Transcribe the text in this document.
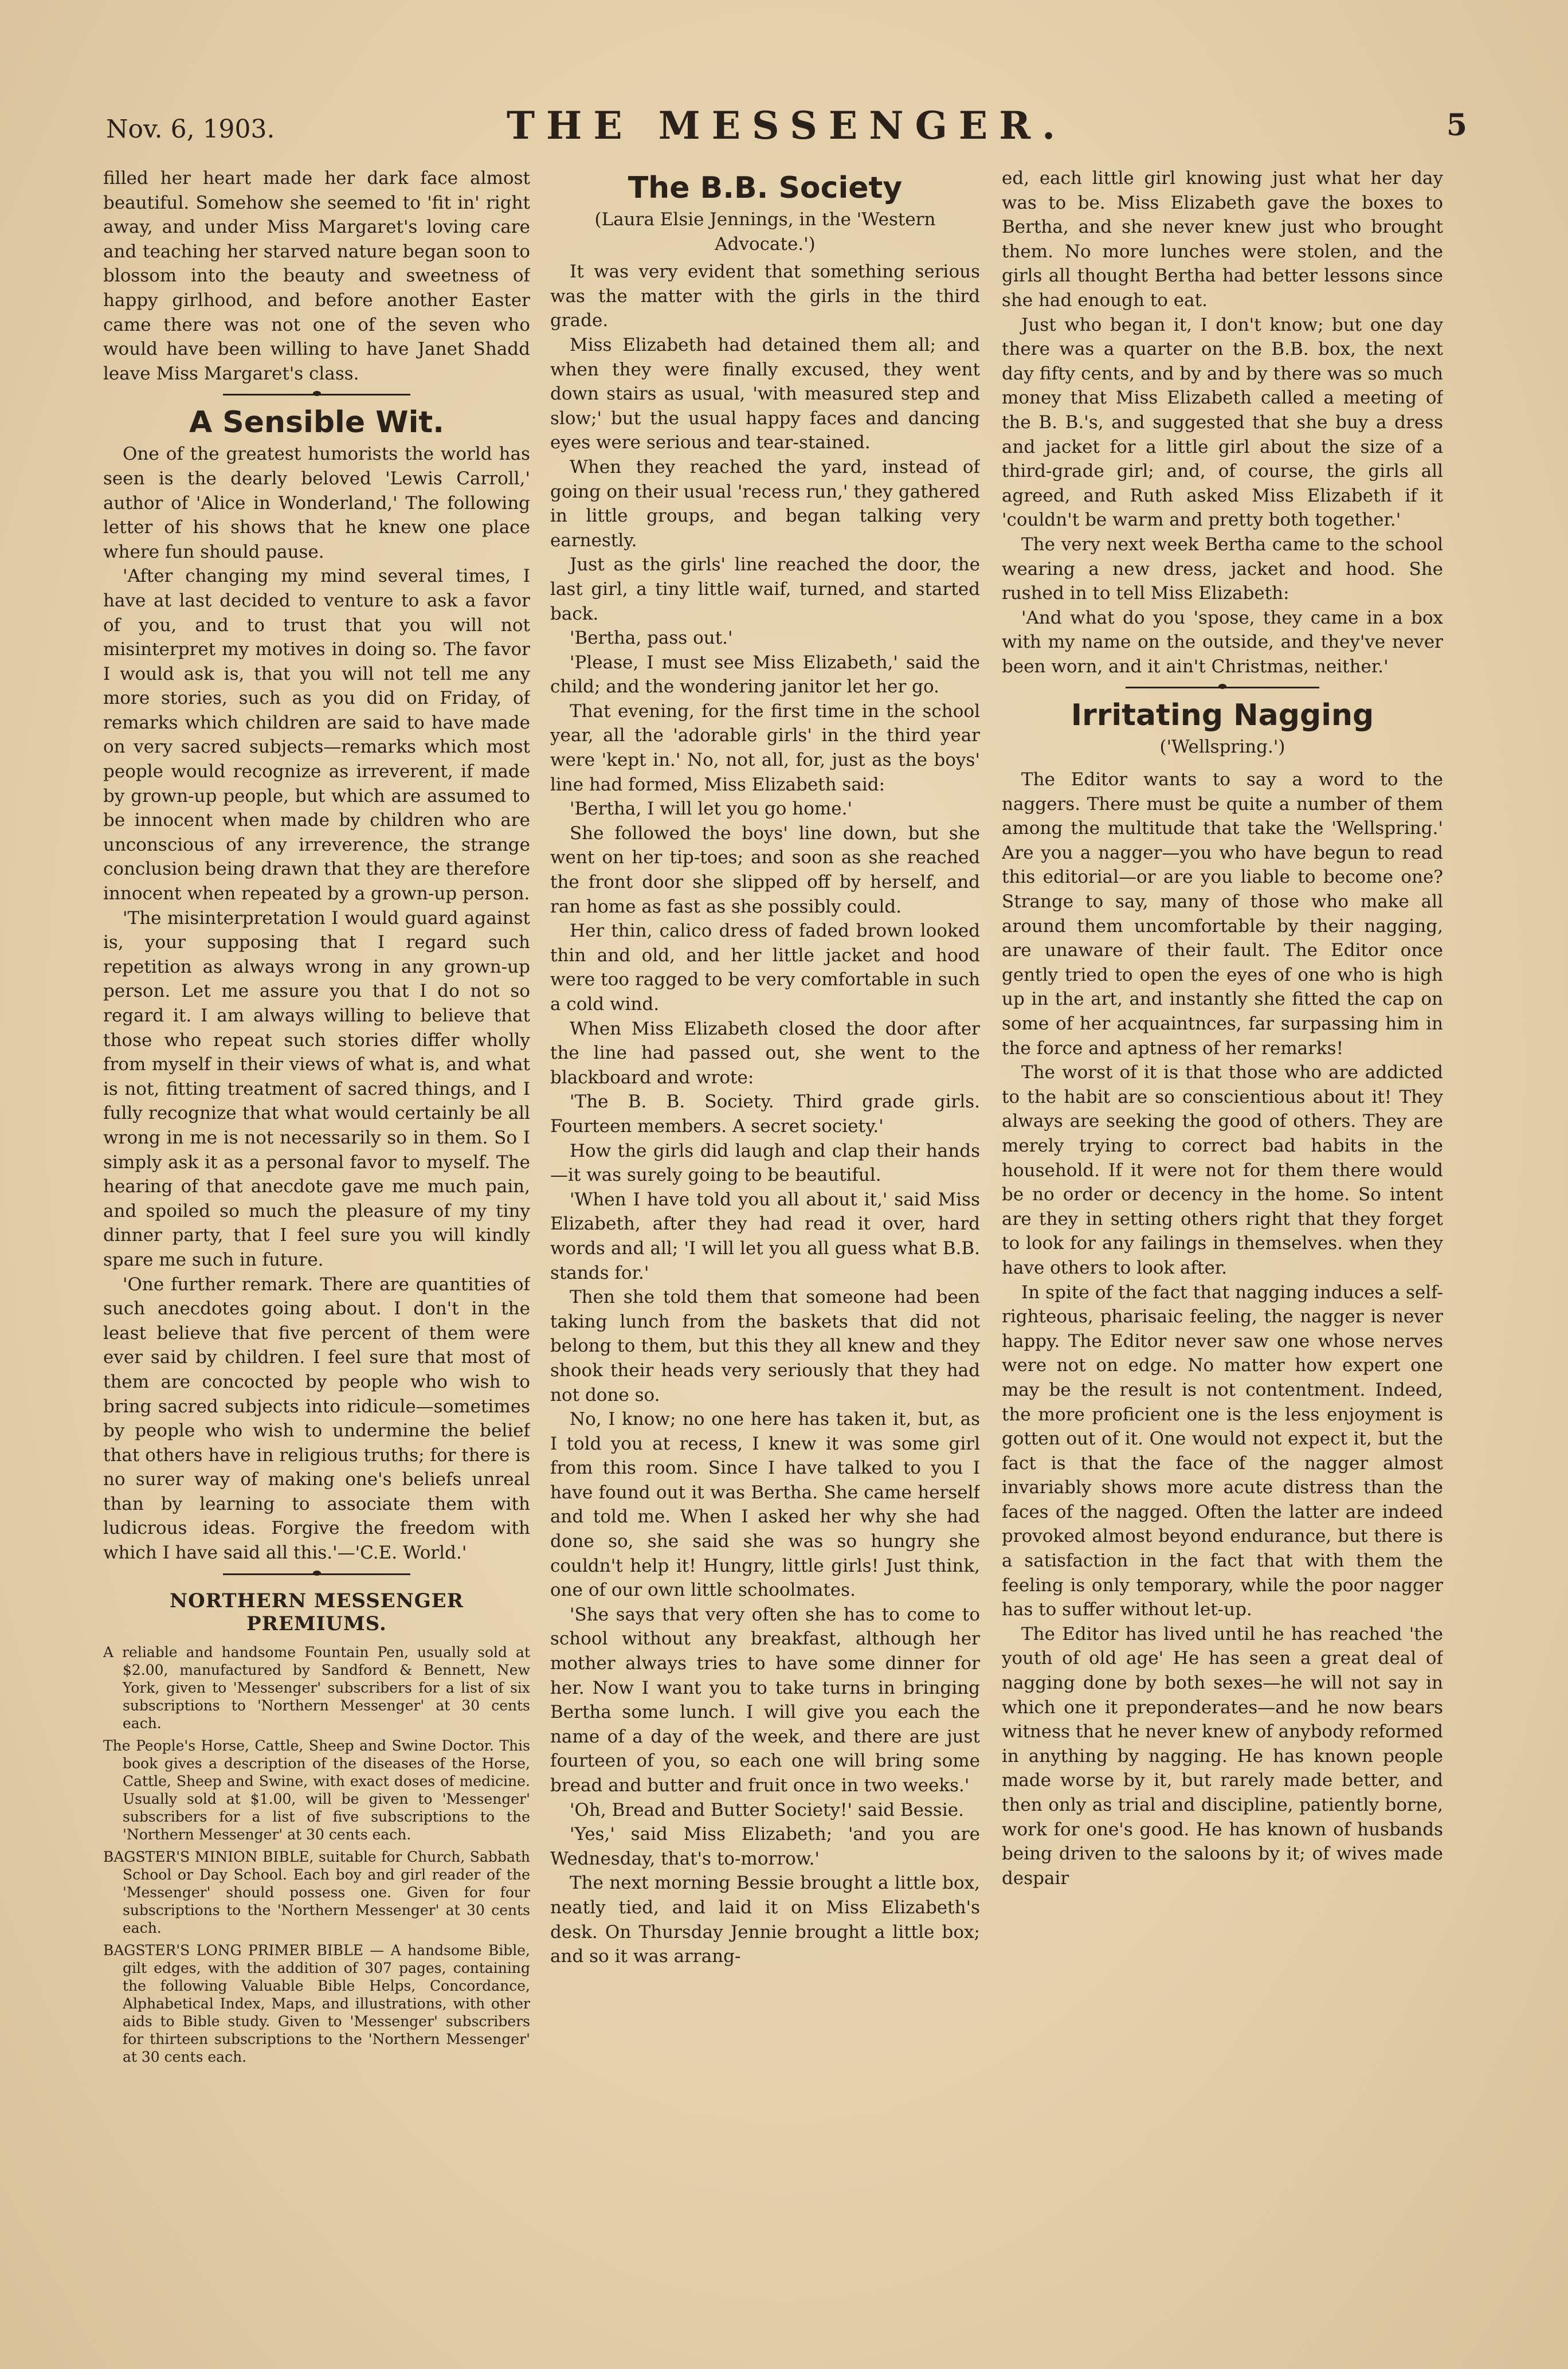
Nov. 6, 1903.	THE MESSENGER.	5

filled her heart made her dark face almost beautiful. Somehow she seemed to 'fit in' right away, and under Miss Margaret's loving care and teaching her starved nature began soon to blossom into the beauty and sweetness of happy girlhood, and before another Easter came there was not one of the seven who would have been willing to have Janet Shadd leave Miss Margaret's class.

A Sensible Wit.

One of the greatest humorists the world has seen is the dearly beloved 'Lewis Carroll,' author of 'Alice in Wonderland,' The following letter of his shows that he knew one place where fun should pause.

'After changing my mind several times, I have at last decided to venture to ask a favor of you, and to trust that you will not misinterpret my motives in doing so. The favor I would ask is, that you will not tell me any more stories, such as you did on Friday, of remarks which children are said to have made on very sacred subjects—remarks which most people would recognize as irreverent, if made by grown-up people, but which are assumed to be innocent when made by children who are unconscious of any irreverence, the strange conclusion being drawn that they are therefore innocent when repeated by a grown-up person.

'The misinterpretation I would guard against is, your supposing that I regard such repetition as always wrong in any grown-up person. Let me assure you that I do not so regard it. I am always willing to believe that those who repeat such stories differ wholly from myself in their views of what is, and what is not, fitting treatment of sacred things, and I fully recognize that what would certainly be all wrong in me is not necessarily so in them. So I simply ask it as a personal favor to myself. The hearing of that anecdote gave me much pain, and spoiled so much the pleasure of my tiny dinner party, that I feel sure you will kindly spare me such in future.

'One further remark. There are quantities of such anecdotes going about. I don't in the least believe that five percent of them were ever said by children. I feel sure that most of them are concocted by people who wish to bring sacred subjects into ridicule—sometimes by people who wish to undermine the belief that others have in religious truths; for there is no surer way of making one's beliefs unreal than by learning to associate them with ludicrous ideas. Forgive the freedom with which I have said all this.'—'C.E. World.'

NORTHERN MESSENGER PREMIUMS.

A reliable and handsome Fountain Pen, usually sold at $2.00, manufactured by Sandford & Bennett, New York, given to 'Messenger' subscribers for a list of six subscriptions to 'Northern Messenger' at 30 cents each.

The People's Horse, Cattle, Sheep and Swine Doctor. This book gives a description of the diseases of the Horse, Cattle, Sheep and Swine, with exact doses of medicine. Usually sold at $1.00, will be given to 'Messenger' subscribers for a list of five subscriptions to the 'Northern Messenger' at 30 cents each.

BAGSTER'S MINION BIBLE, suitable for Church, Sabbath School or Day School. Each boy and girl reader of the 'Messenger' should possess one. Given for four subscriptions to the 'Northern Messenger' at 30 cents each.

BAGSTER'S LONG PRIMER BIBLE — A handsome Bible, gilt edges, with the addition of 307 pages, containing the following Valuable Bible Helps, Concordance, Alphabetical Index, Maps, and illustrations, with other aids to Bible study. Given to 'Messenger' subscribers for thirteen subscriptions to the 'Northern Messenger' at 30 cents each.

The B.B. Society
(Laura Elsie Jennings, in the 'Western Advocate.')

It was very evident that something serious was the matter with the girls in the third grade.

Miss Elizabeth had detained them all; and when they were finally excused, they went down stairs as usual, 'with measured step and slow;' but the usual happy faces and dancing eyes were serious and tear-stained.

When they reached the yard, instead of going on their usual 'recess run,' they gathered in little groups, and began talking very earnestly.

Just as the girls' line reached the door, the last girl, a tiny little waif, turned, and started back.

'Bertha, pass out.'

'Please, I must see Miss Elizabeth,' said the child; and the wondering janitor let her go.

That evening, for the first time in the school year, all the 'adorable girls' in the third year were 'kept in.' No, not all, for, just as the boys' line had formed, Miss Elizabeth said:

'Bertha, I will let you go home.'

She followed the boys' line down, but she went on her tip-toes; and soon as she reached the front door she slipped off by herself, and ran home as fast as she possibly could.

Her thin, calico dress of faded brown looked thin and old, and her little jacket and hood were too ragged to be very comfortable in such a cold wind.

When Miss Elizabeth closed the door after the line had passed out, she went to the blackboard and wrote:

'The B. B. Society. Third grade girls. Fourteen members. A secret society.'

How the girls did laugh and clap their hands—it was surely going to be beautiful.

'When I have told you all about it,' said Miss Elizabeth, after they had read it over, hard words and all; 'I will let you all guess what B.B. stands for.'

Then she told them that someone had been taking lunch from the baskets that did not belong to them, but this they all knew and they shook their heads very seriously that they had not done so.

No, I know; no one here has taken it, but, as I told you at recess, I knew it was some girl from this room. Since I have talked to you I have found out it was Bertha. She came herself and told me. When I asked her why she had done so, she said she was so hungry she couldn't help it! Hungry, little girls! Just think, one of our own little schoolmates.

'She says that very often she has to come to school without any breakfast, although her mother always tries to have some dinner for her. Now I want you to take turns in bringing Bertha some lunch. I will give you each the name of a day of the week, and there are just fourteen of you, so each one will bring some bread and butter and fruit once in two weeks.'

'Oh, Bread and Butter Society!' said Bessie.

'Yes,' said Miss Elizabeth; 'and you are Wednesday, that's to-morrow.'

The next morning Bessie brought a little box, neatly tied, and laid it on Miss Elizabeth's desk. On Thursday Jennie brought a little box; and so it was arrang-

ed, each little girl knowing just what her day was to be. Miss Elizabeth gave the boxes to Bertha, and she never knew just who brought them. No more lunches were stolen, and the girls all thought Bertha had better lessons since she had enough to eat.

Just who began it, I don't know; but one day there was a quarter on the B.B. box, the next day fifty cents, and by and by there was so much money that Miss Elizabeth called a meeting of the B. B.'s, and suggested that she buy a dress and jacket for a little girl about the size of a third-grade girl; and, of course, the girls all agreed, and Ruth asked Miss Elizabeth if it 'couldn't be warm and pretty both together.'

The very next week Bertha came to the school wearing a new dress, jacket and hood. She rushed in to tell Miss Elizabeth:

'And what do you 'spose, they came in a box with my name on the outside, and they've never been worn, and it ain't Christmas, neither.'

Irritating Nagging
('Wellspring.')

The Editor wants to say a word to the naggers. There must be quite a number of them among the multitude that take the 'Wellspring.' Are you a nagger—you who have begun to read this editorial—or are you liable to become one? Strange to say, many of those who make all around them uncomfortable by their nagging, are unaware of their fault. The Editor once gently tried to open the eyes of one who is high up in the art, and instantly she fitted the cap on some of her acquaintnces, far surpassing him in the force and aptness of her remarks!

The worst of it is that those who are addicted to the habit are so conscientious about it! They always are seeking the good of others. They are merely trying to correct bad habits in the household. If it were not for them there would be no order or decency in the home. So intent are they in setting others right that they forget to look for any failings in themselves. when they have others to look after.

In spite of the fact that nagging induces a self-righteous, pharisaic feeling, the nagger is never happy. The Editor never saw one whose nerves were not on edge. No matter how expert one may be the result is not contentment. Indeed, the more proficient one is the less enjoyment is gotten out of it. One would not expect it, but the fact is that the face of the nagger almost invariably shows more acute distress than the faces of the nagged. Often the latter are indeed provoked almost beyond endurance, but there is a satisfaction in the fact that with them the feeling is only temporary, while the poor nagger has to suffer without let-up.

The Editor has lived until he has reached 'the youth of old age' He has seen a great deal of nagging done by both sexes—he will not say in which one it preponderates—and he now bears witness that he never knew of anybody reformed in anything by nagging. He has known people made worse by it, but rarely made better, and then only as trial and discipline, patiently borne, work for one's good. He has known of husbands being driven to the saloons by it; of wives made despair
